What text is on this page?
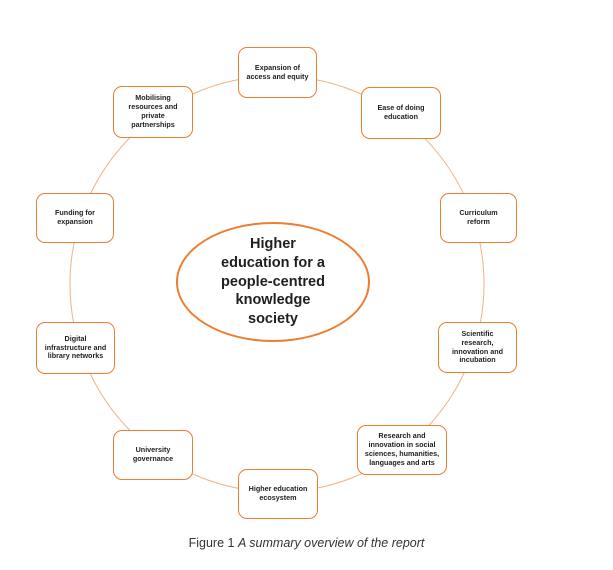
Higher
education for a
people-centred
knowledge
society
Expansion of
access and equity
Ease of doing
education
Curriculum
reform
Scientific
research,
innovation and
incubation
Research and
innovation in social
sciences, humanities,
languages and arts
Higher education
ecosystem
University
governance
Digital
infrastructure and
library networks
Funding for
expansion
Mobilising
resources and
private
partnerships
Figure 1 A summary overview of the report
